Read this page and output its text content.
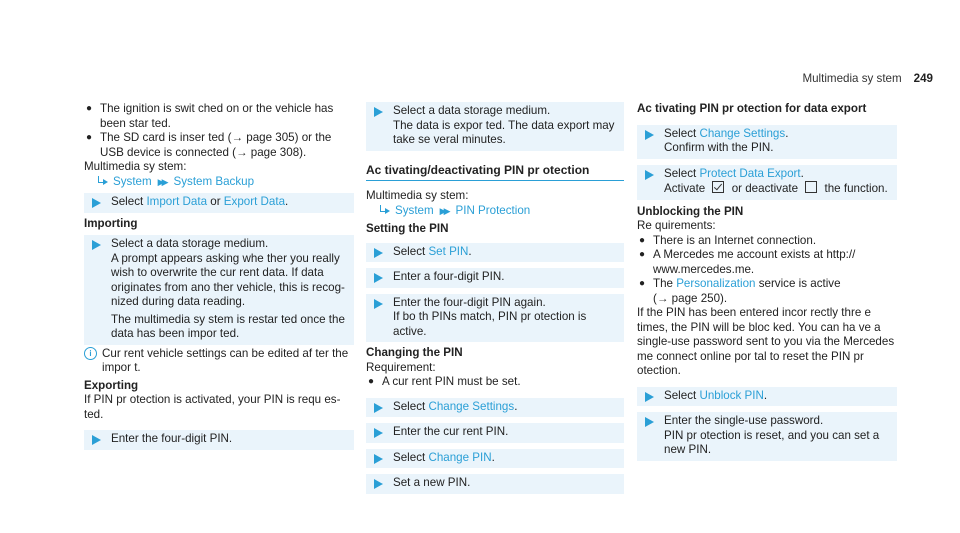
Multimedia sy stem 249
● The ignition is swit ched on or the vehicle has been star ted.
● The SD card is inser ted (→ page 305) or the USB device is connected (→ page 308).

Multimedia sy stem:

System ▶▶ System Backup
Select Import Data or Export Data.

Importing

Select a data storage medium.

A prompt appears asking whe ther you really wish to overwrite the cur rent data. If data originates from ano ther vehicle, this is recog- nized during data reading.

The multimedia sy stem is restar ted once the data has been impor ted.

i Cur rent vehicle settings can be edited af ter the impor t.

Exporting

If PIN pr otection is activated, your PIN is requ es- ted.

Enter the four-digit PIN.

Select a data storage medium.

The data is expor ted. The data export may take se veral minutes.

Ac tivating/deactivating PIN pr otection

Multimedia sy stem:

System ▶▶ PIN Protection

Setting the PIN

Select Set PIN.
Enter a four-digit PIN.

Enter the four-digit PIN again.

If bo th PINs match, PIN pr otection is active.

Changing the PIN

Requirement:

● A cur rent PIN must be set.
Select Change Settings.
Enter the cur rent PIN.
Select Change PIN.
Set a new PIN.

Ac tivating PIN pr otection for data export

Select Change Settings.

Confirm with the PIN.

Select Protect Data Export.

Activate  or deactivate  the function.

Unblocking the PIN

Re quirements:

● There is an Internet connection.
● A Mercedes me account exists at http:// www.mercedes.me.
● The Personalization service is active
(→ page 250).

If the PIN has been entered incor rectly thre e times, the PIN will be bloc ked. You can ha ve a single-use password sent to you via the Mercedes me connect online por tal to reset the PIN pr otection.

Select Unblock PIN.

Enter the single-use password.

PIN pr otection is reset, and you can set a new PIN.
